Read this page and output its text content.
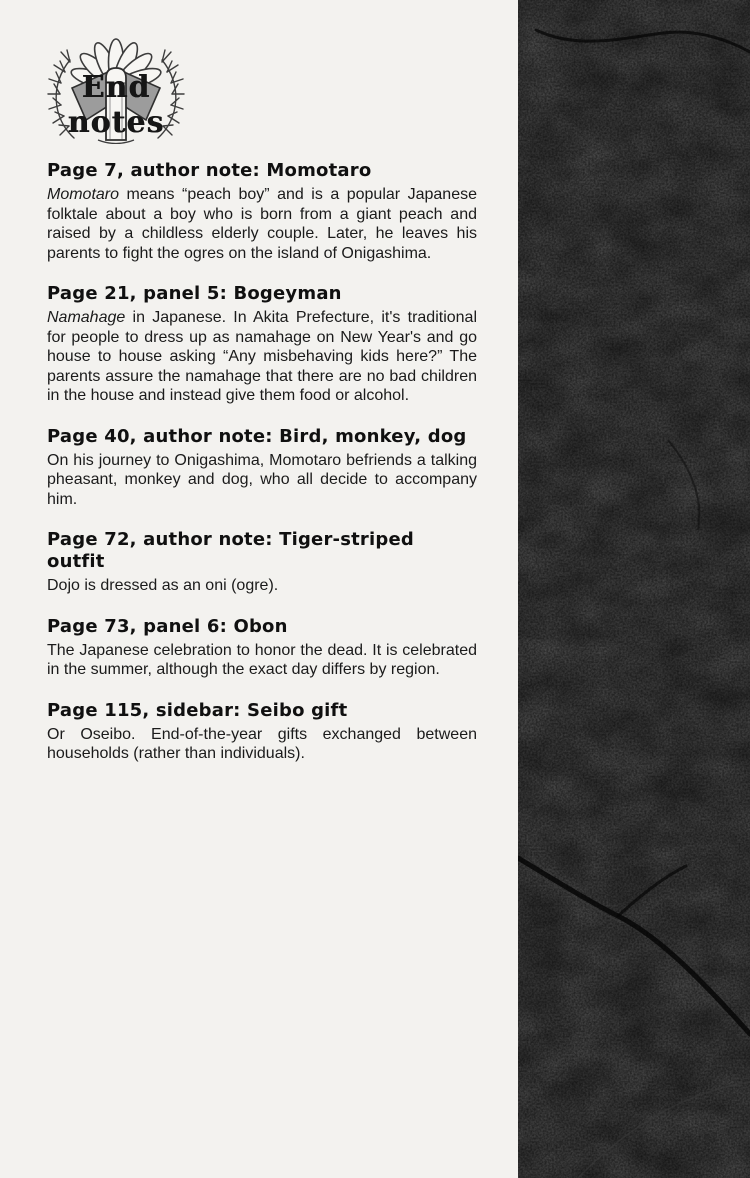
End notes
Page 7, author note: Momotaro

Momotaro means “peach boy” and is a popular Japanese folktale about a boy who is born from a giant peach and raised by a childless elderly couple. Later, he leaves his parents to fight the ogres on the island of Onigashima.

Page 21, panel 5: Bogeyman

Namahage in Japanese. In Akita Prefecture, it's traditional for people to dress up as namahage on New Year's and go house to house asking “Any misbehaving kids here?” The parents assure the namahage that there are no bad children in the house and instead give them food or alcohol.

Page 40, author note: Bird, monkey, dog

On his journey to Onigashima, Momotaro befriends a talking pheasant, monkey and dog, who all decide to accompany him.

Page 72, author note: Tiger-striped outfit

Dojo is dressed as an oni (ogre).

Page 73, panel 6: Obon

The Japanese celebration to honor the dead. It is celebrated in the summer, although the exact day differs by region.

Page 115, sidebar: Seibo gift

Or Oseibo. End-of-the-year gifts exchanged between households (rather than individuals).
